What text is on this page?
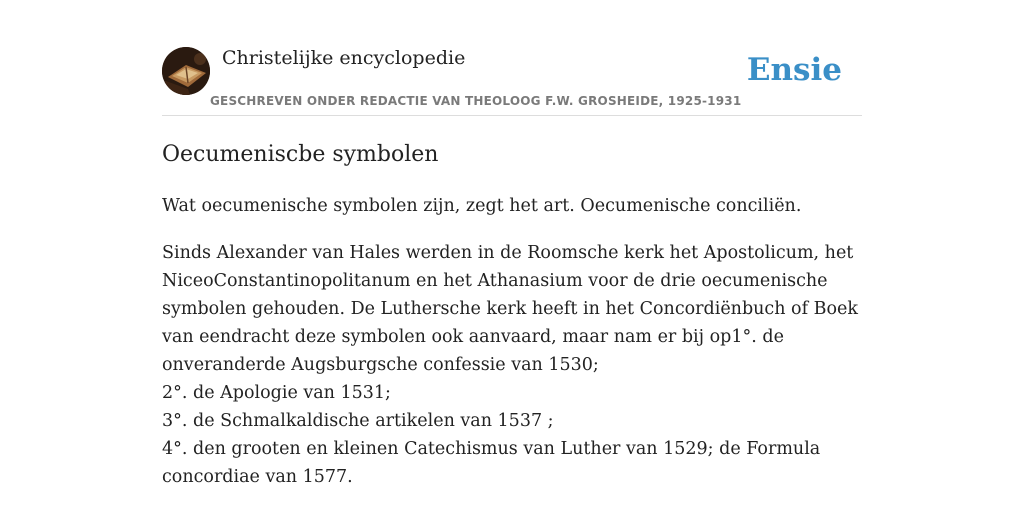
Christelijke encyclopedie
GESCHREVEN ONDER REDACTIE VAN THEOLOOG F.W. GROSHEIDE, 1925-1931
Ensie
Oecumeniscbe symbolen

Wat oecumenische symbolen zijn, zegt het art. Oecumenische conciliën.

Sinds Alexander van Hales werden in de Roomsche kerk het Apostolicum, het
NiceoConstantinopolitanum en het Athanasium voor de drie oecumenische
symbolen gehouden. De Luthersche kerk heeft in het Concordiënbuch of Boek
van eendracht deze symbolen ook aanvaard, maar nam er bij op1°. de
onveranderde Augsburgsche confessie van 1530;
2°. de Apologie van 1531;
3°. de Schmalkaldische artikelen van 1537 ;
4°. den grooten en kleinen Catechismus van Luther van 1529; de Formula
concordiae van 1577.
